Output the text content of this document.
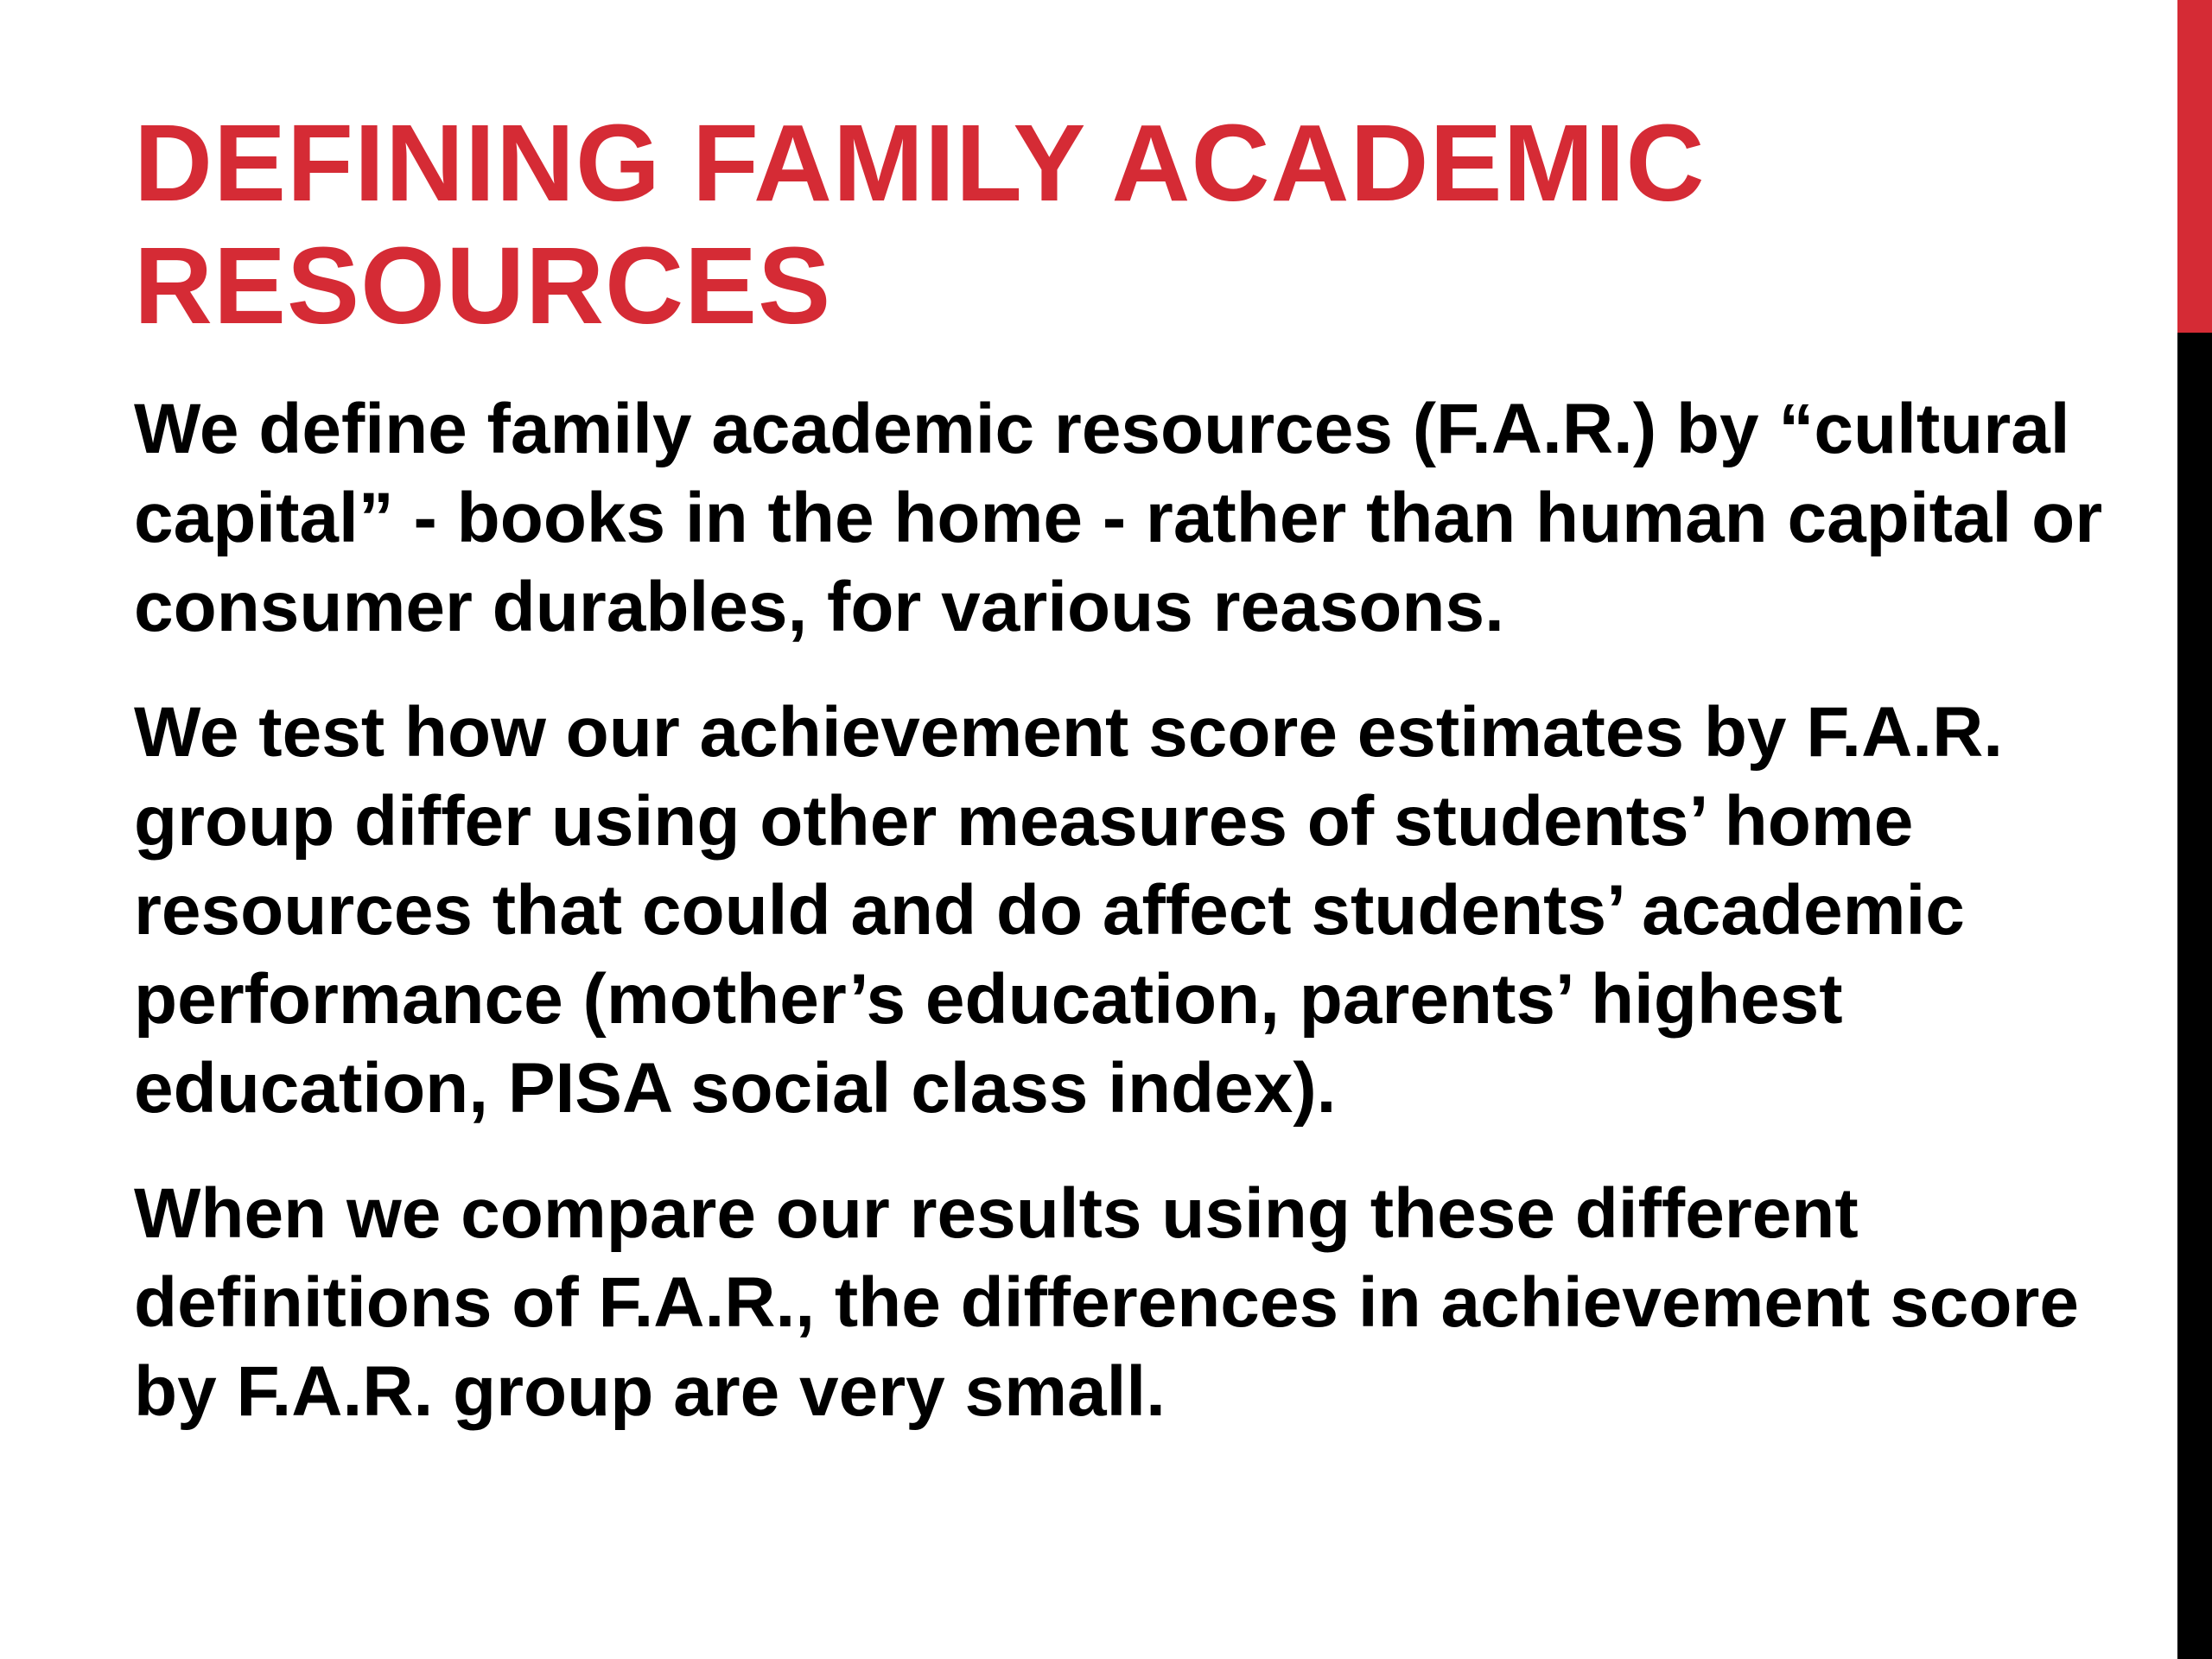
DEFINING FAMILY ACADEMIC RESOURCES

We define family academic resources (F.A.R.) by “cultural capital” - books in the home - rather than human capital or consumer durables, for various reasons.

We test how our achievement score estimates by F.A.R. group differ using other measures of students’ home resources that could and do affect students’ academic performance (mother’s education, parents’ highest education, PISA social class index).

When we compare our results using these different definitions of F.A.R., the differences in achievement score by F.A.R. group are very small.
